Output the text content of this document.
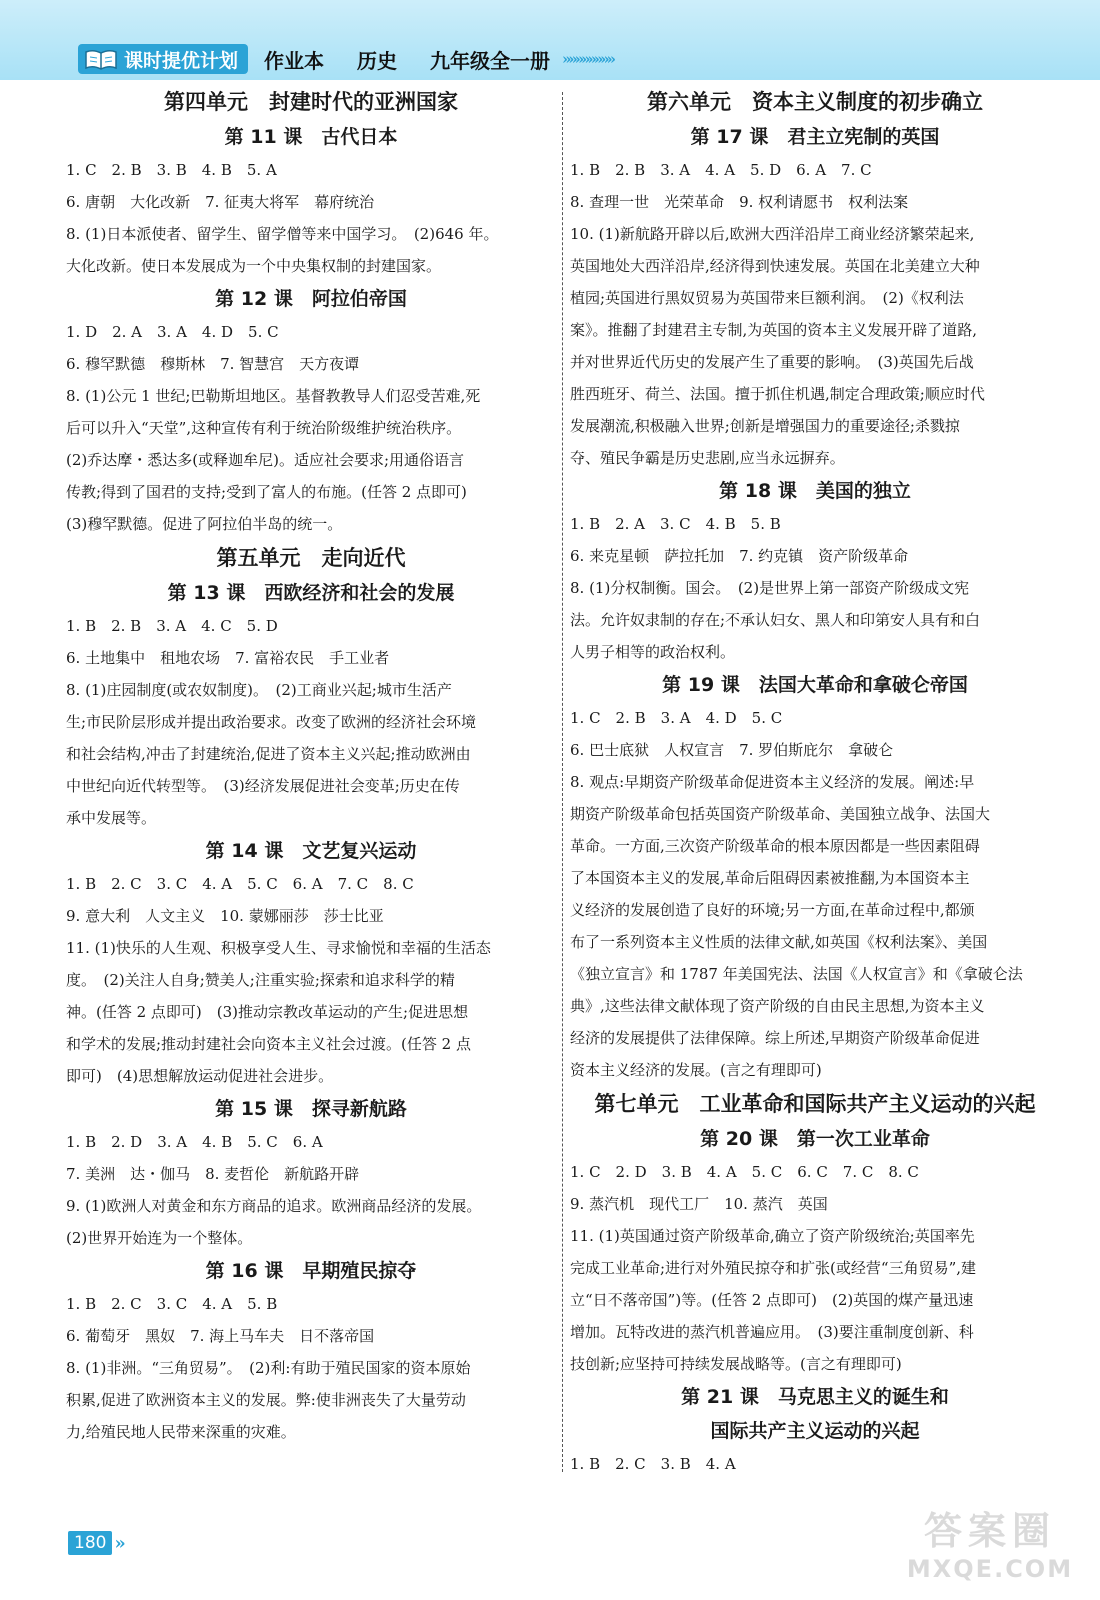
课时提优计划 作业本 历史 九年级全一册 »»»»»»»»
第四单元　封建时代的亚洲国家
第 11 课　古代日本
1. C　2. B　3. B　4. B　5. A
6. 唐朝　大化改新　7. 征夷大将军　幕府统治
8. (1)日本派使者、留学生、留学僧等来中国学习。　(2)646 年。
大化改新。使日本发展成为一个中央集权制的封建国家。
第 12 课　阿拉伯帝国
1. D　2. A　3. A　4. D　5. C
6. 穆罕默德　穆斯林　7. 智慧宫　天方夜谭
8. (1)公元 1 世纪;巴勒斯坦地区。基督教教导人们忍受苦难,死
后可以升入“天堂”,这种宣传有利于统治阶级维护统治秩序。
(2)乔达摩・悉达多(或释迦牟尼)。适应社会要求;用通俗语言
传教;得到了国君的支持;受到了富人的布施。(任答 2 点即可)
(3)穆罕默德。促进了阿拉伯半岛的统一。
第五单元　走向近代
第 13 课　西欧经济和社会的发展
1. B　2. B　3. A　4. C　5. D
6. 土地集中　租地农场　7. 富裕农民　手工业者
8. (1)庄园制度(或农奴制度)。　(2)工商业兴起;城市生活产
生;市民阶层形成并提出政治要求。改变了欧洲的经济社会环境
和社会结构,冲击了封建统治,促进了资本主义兴起;推动欧洲由
中世纪向近代转型等。　(3)经济发展促进社会变革;历史在传
承中发展等。
第 14 课　文艺复兴运动
1. B　2. C　3. C　4. A　5. C　6. A　7. C　8. C
9. 意大利　人文主义　10. 蒙娜丽莎　莎士比亚
11. (1)快乐的人生观、积极享受人生、寻求愉悦和幸福的生活态
度。　(2)关注人自身;赞美人;注重实验;探索和追求科学的精
神。(任答 2 点即可)　(3)推动宗教改革运动的产生;促进思想
和学术的发展;推动封建社会向资本主义社会过渡。(任答 2 点
即可)　(4)思想解放运动促进社会进步。
第 15 课　探寻新航路
1. B　2. D　3. A　4. B　5. C　6. A
7. 美洲　达・伽马　8. 麦哲伦　新航路开辟
9. (1)欧洲人对黄金和东方商品的追求。欧洲商品经济的发展。
(2)世界开始连为一个整体。
第 16 课　早期殖民掠夺
1. B　2. C　3. C　4. A　5. B
6. 葡萄牙　黑奴　7. 海上马车夫　日不落帝国
8. (1)非洲。“三角贸易”。　(2)利:有助于殖民国家的资本原始
积累,促进了欧洲资本主义的发展。弊:使非洲丧失了大量劳动
力,给殖民地人民带来深重的灾难。
第六单元　资本主义制度的初步确立
第 17 课　君主立宪制的英国
1. B　2. B　3. A　4. A　5. D　6. A　7. C
8. 查理一世　光荣革命　9. 权利请愿书　权利法案
10. (1)新航路开辟以后,欧洲大西洋沿岸工商业经济繁荣起来,
英国地处大西洋沿岸,经济得到快速发展。英国在北美建立大种
植园;英国进行黑奴贸易为英国带来巨额利润。　(2)《权利法
案》。推翻了封建君主专制,为英国的资本主义发展开辟了道路,
并对世界近代历史的发展产生了重要的影响。　(3)英国先后战
胜西班牙、荷兰、法国。擅于抓住机遇,制定合理政策;顺应时代
发展潮流,积极融入世界;创新是增强国力的重要途径;杀戮掠
夺、殖民争霸是历史悲剧,应当永远摒弃。
第 18 课　美国的独立
1. B　2. A　3. C　4. B　5. B
6. 来克星顿　萨拉托加　7. 约克镇　资产阶级革命
8. (1)分权制衡。国会。　(2)是世界上第一部资产阶级成文宪
法。允许奴隶制的存在;不承认妇女、黑人和印第安人具有和白
人男子相等的政治权利。
第 19 课　法国大革命和拿破仑帝国
1. C　2. B　3. A　4. D　5. C
6. 巴士底狱　人权宣言　7. 罗伯斯庇尔　拿破仑
8. 观点:早期资产阶级革命促进资本主义经济的发展。阐述:早
期资产阶级革命包括英国资产阶级革命、美国独立战争、法国大
革命。一方面,三次资产阶级革命的根本原因都是一些因素阻碍
了本国资本主义的发展,革命后阻碍因素被推翻,为本国资本主
义经济的发展创造了良好的环境;另一方面,在革命过程中,都颁
布了一系列资本主义性质的法律文献,如英国《权利法案》、美国
《独立宣言》和 1787 年美国宪法、法国《人权宣言》和《拿破仑法
典》,这些法律文献体现了资产阶级的自由民主思想,为资本主义
经济的发展提供了法律保障。综上所述,早期资产阶级革命促进
资本主义经济的发展。(言之有理即可)
第七单元　工业革命和国际共产主义运动的兴起
第 20 课　第一次工业革命
1. C　2. D　3. B　4. A　5. C　6. C　7. C　8. C
9. 蒸汽机　现代工厂　10. 蒸汽　英国
11. (1)英国通过资产阶级革命,确立了资产阶级统治;英国率先
完成工业革命;进行对外殖民掠夺和扩张(或经营“三角贸易”,建
立“日不落帝国”)等。(任答 2 点即可)　(2)英国的煤产量迅速
增加。瓦特改进的蒸汽机普遍应用。　(3)要注重制度创新、科
技创新;应坚持可持续发展战略等。(言之有理即可)
第 21 课　马克思主义的诞生和
国际共产主义运动的兴起
1. B　2. C　3. B　4. A
180 »	答案圈
MXQE.COM
